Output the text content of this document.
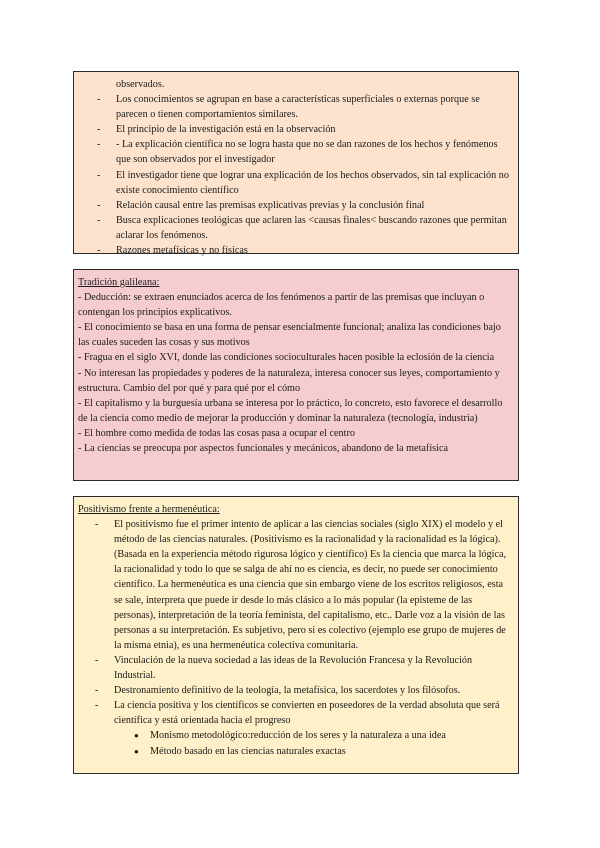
observados.
- Los conocimientos se agrupan en base a características superficiales o externas porque se parecen o tienen comportamientos similares.
- El principio de la investigación está en la observación
- - La explicación científica no se logra hasta que no se dan razones de los hechos y fenómenos que son observados por el investigador
- El investigador tiene que lograr una explicación de los hechos observados, sin tal explicación no existe conocimiento científico
- Relación causal entre las premisas explicativas previas y la conclusión final
- Busca explicaciones teológicas que aclaren las <causas finales< buscando razones que permitan aclarar los fenómenos.
- Razones metafísicas y no físicas
Tradición galileana:

- Deducción: se extraen enunciados acerca de los fenómenos a partir de las premisas que incluyan o contengan los principios explicativos.

- El conocimiento se basa en una forma de pensar esencialmente funcional; analiza las condiciones bajo las cuales suceden las cosas y sus motivos

- Fragua en el siglo XVI, donde las condiciones socioculturales hacen posible la eclosión de la ciencia

- No interesan las propiedades y poderes de la naturaleza, interesa conocer sus leyes, comportamiento y estructura. Cambio del por qué y para qué por el cómo

- El capitalismo y la burguesía urbana se interesa por lo práctico, lo concreto, esto favorece el desarrollo de la ciencia como medio de mejorar la producción y dominar la naturaleza (tecnología, industria)

- El hombre como medida de todas las cosas pasa a ocupar el centro

- La ciencias se preocupa por aspectos funcionales y mecánicos, abandono de la metafísica

Positivismo frente a hermenéutica:
- El positivismo fue el primer intento de aplicar a las ciencias sociales (siglo XIX) el modelo y el método de las ciencias naturales. (Positivismo es la racionalidad y la racionalidad es la lógica). (Basada en la experiencia método rigurosa lógico y científico) Es la ciencia que marca la lógica, la racionalidad y todo lo que se salga de ahí no es ciencia, es decir, no puede ser conocimiento científico. La hermenéutica es una ciencia que sin embargo viene de los escritos religiosos, esta se sale, interpreta que puede ir desde lo más clásico a lo más popular (la episteme de las personas), interpretación de la teoría feminista, del capitalismo, etc.. Darle voz a la visión de las personas a su interpretación. Es subjetivo, pero si es colectivo (ejemplo ese grupo de mujeres de la misma etnia), es una hermenéutica colectiva comunitaria.
- Vinculación de la nueva sociedad a las ideas de la Revolución Francesa y la Revolución Industrial.
- Destronamiento definitivo de la teología, la metafísica, los sacerdotes y los filósofos.
- La ciencia positiva y los científicos se convierten en poseedores de la verdad absoluta que será científica y está orientada hacia el progreso
● Monismo metodológico:reducción de los seres y la naturaleza a una idea
● Método basado en las ciencias naturales exactas
